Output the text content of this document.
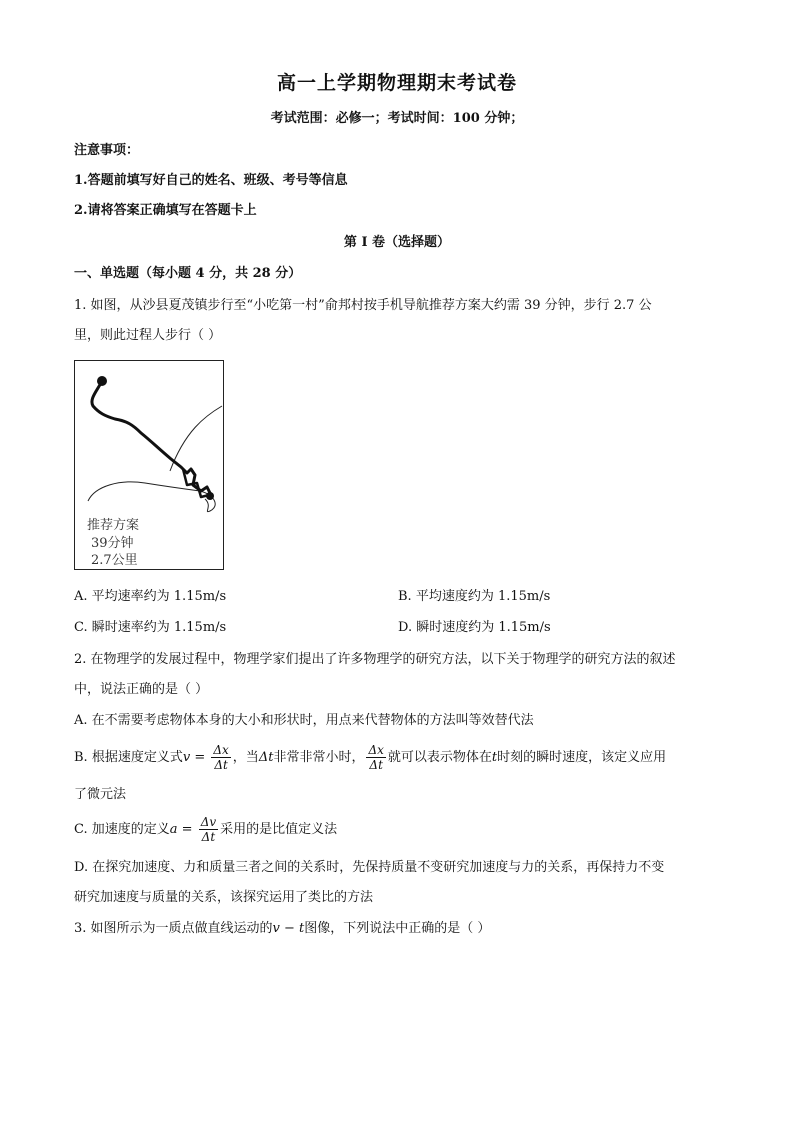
高一上学期物理期末考试卷
考试范围：必修一；考试时间：100 分钟；
注意事项：
1.答题前填写好自己的姓名、班级、考号等信息
2.请将答案正确填写在答题卡上
第 I 卷（选择题）
一、单选题（每小题 4 分，共 28 分）
1. 如图，从沙县夏茂镇步行至“小吃第一村”俞邦村按手机导航推荐方案大约需 39 分钟，步行 2.7 公
里，则此过程人步行（ ）
推荐方案
39分钟
2.7公里
A. 平均速率约为 1.15m/s	B. 平均速度约为 1.15m/s
C. 瞬时速率约为 1.15m/s	D. 瞬时速度约为 1.15m/s
2. 在物理学的发展过程中，物理学家们提出了许多物理学的研究方法，以下关于物理学的研究方法的叙述
中，说法正确的是（ ）
A. 在不需要考虑物体本身的大小和形状时，用点来代替物体的方法叫等效替代法
B. 根据速度定义式$v = \frac{\Delta x}{\Delta t}$ ，当Δt非常非常小时， $\frac{\Delta x}{\Delta t}$ 就可以表示物体在t时刻的瞬时速度，该定义应用
了微元法
C. 加速度的定义$a = \frac{\Delta v}{\Delta t}$ 采用的是比值定义法
D. 在探究加速度、力和质量三者之间的关系时，先保持质量不变研究加速度与力的关系，再保持力不变
研究加速度与质量的关系，该探究运用了类比的方法
3. 如图所示为一质点做直线运动的v − t图像，下列说法中正确的是（ ）
